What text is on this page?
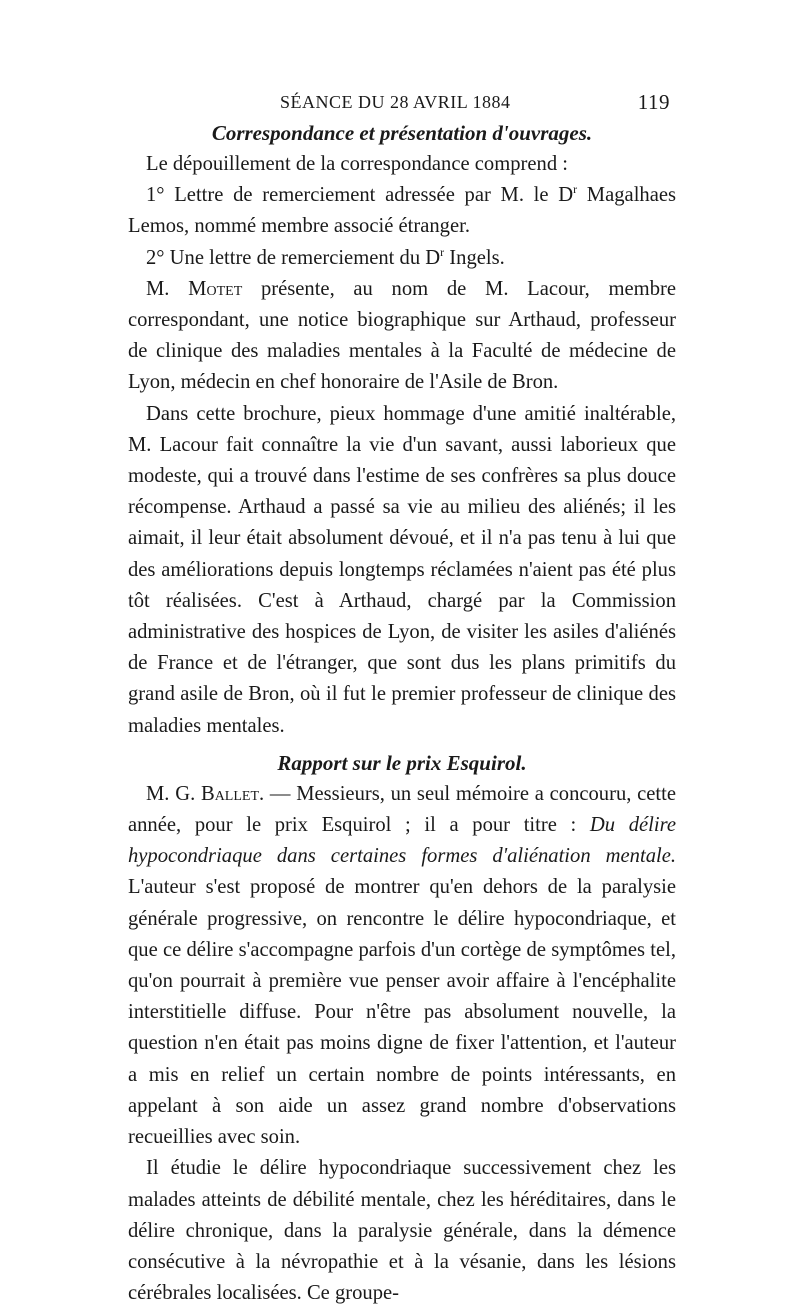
SÉANCE DU 28 AVRIL 1884	119
Correspondance et présentation d'ouvrages.

Le dépouillement de la correspondance comprend :

1° Lettre de remerciement adressée par M. le $D^r$ Magalhaes Lemos, nommé membre associé étranger.

2° Une lettre de remerciement du $D^r$ Ingels.

M. Motet présente, au nom de M. Lacour, membre correspondant, une notice biographique sur Arthaud, professeur de clinique des maladies mentales à la Faculté de médecine de Lyon, médecin en chef honoraire de l'Asile de Bron.

Dans cette brochure, pieux hommage d'une amitié inaltérable, M. Lacour fait connaître la vie d'un savant, aussi laborieux que modeste, qui a trouvé dans l'estime de ses confrères sa plus douce récompense. Arthaud a passé sa vie au milieu des aliénés; il les aimait, il leur était absolument dévoué, et il n'a pas tenu à lui que des améliorations depuis longtemps réclamées n'aient pas été plus tôt réalisées. C'est à Arthaud, chargé par la Commission administrative des hospices de Lyon, de visiter les asiles d'aliénés de France et de l'étranger, que sont dus les plans primitifs du grand asile de Bron, où il fut le premier professeur de clinique des maladies mentales.

Rapport sur le prix Esquirol.

M. G. Ballet. — Messieurs, un seul mémoire a concouru, cette année, pour le prix Esquirol ; il a pour titre : Du délire hypocondriaque dans certaines formes d'aliénation mentale. L'auteur s'est proposé de montrer qu'en dehors de la paralysie générale progressive, on rencontre le délire hypocondriaque, et que ce délire s'accompagne parfois d'un cortège de symptômes tel, qu'on pourrait à première vue penser avoir affaire à l'encéphalite interstitielle diffuse. Pour n'être pas absolument nouvelle, la question n'en était pas moins digne de fixer l'attention, et l'auteur a mis en relief un certain nombre de points intéressants, en appelant à son aide un assez grand nombre d'observations recueillies avec soin.

Il étudie le délire hypocondriaque successivement chez les malades atteints de débilité mentale, chez les héréditaires, dans le délire chronique, dans la paralysie générale, dans la démence consécutive à la névropathie et à la vésanie, dans les lésions cérébrales localisées. Ce groupe-
